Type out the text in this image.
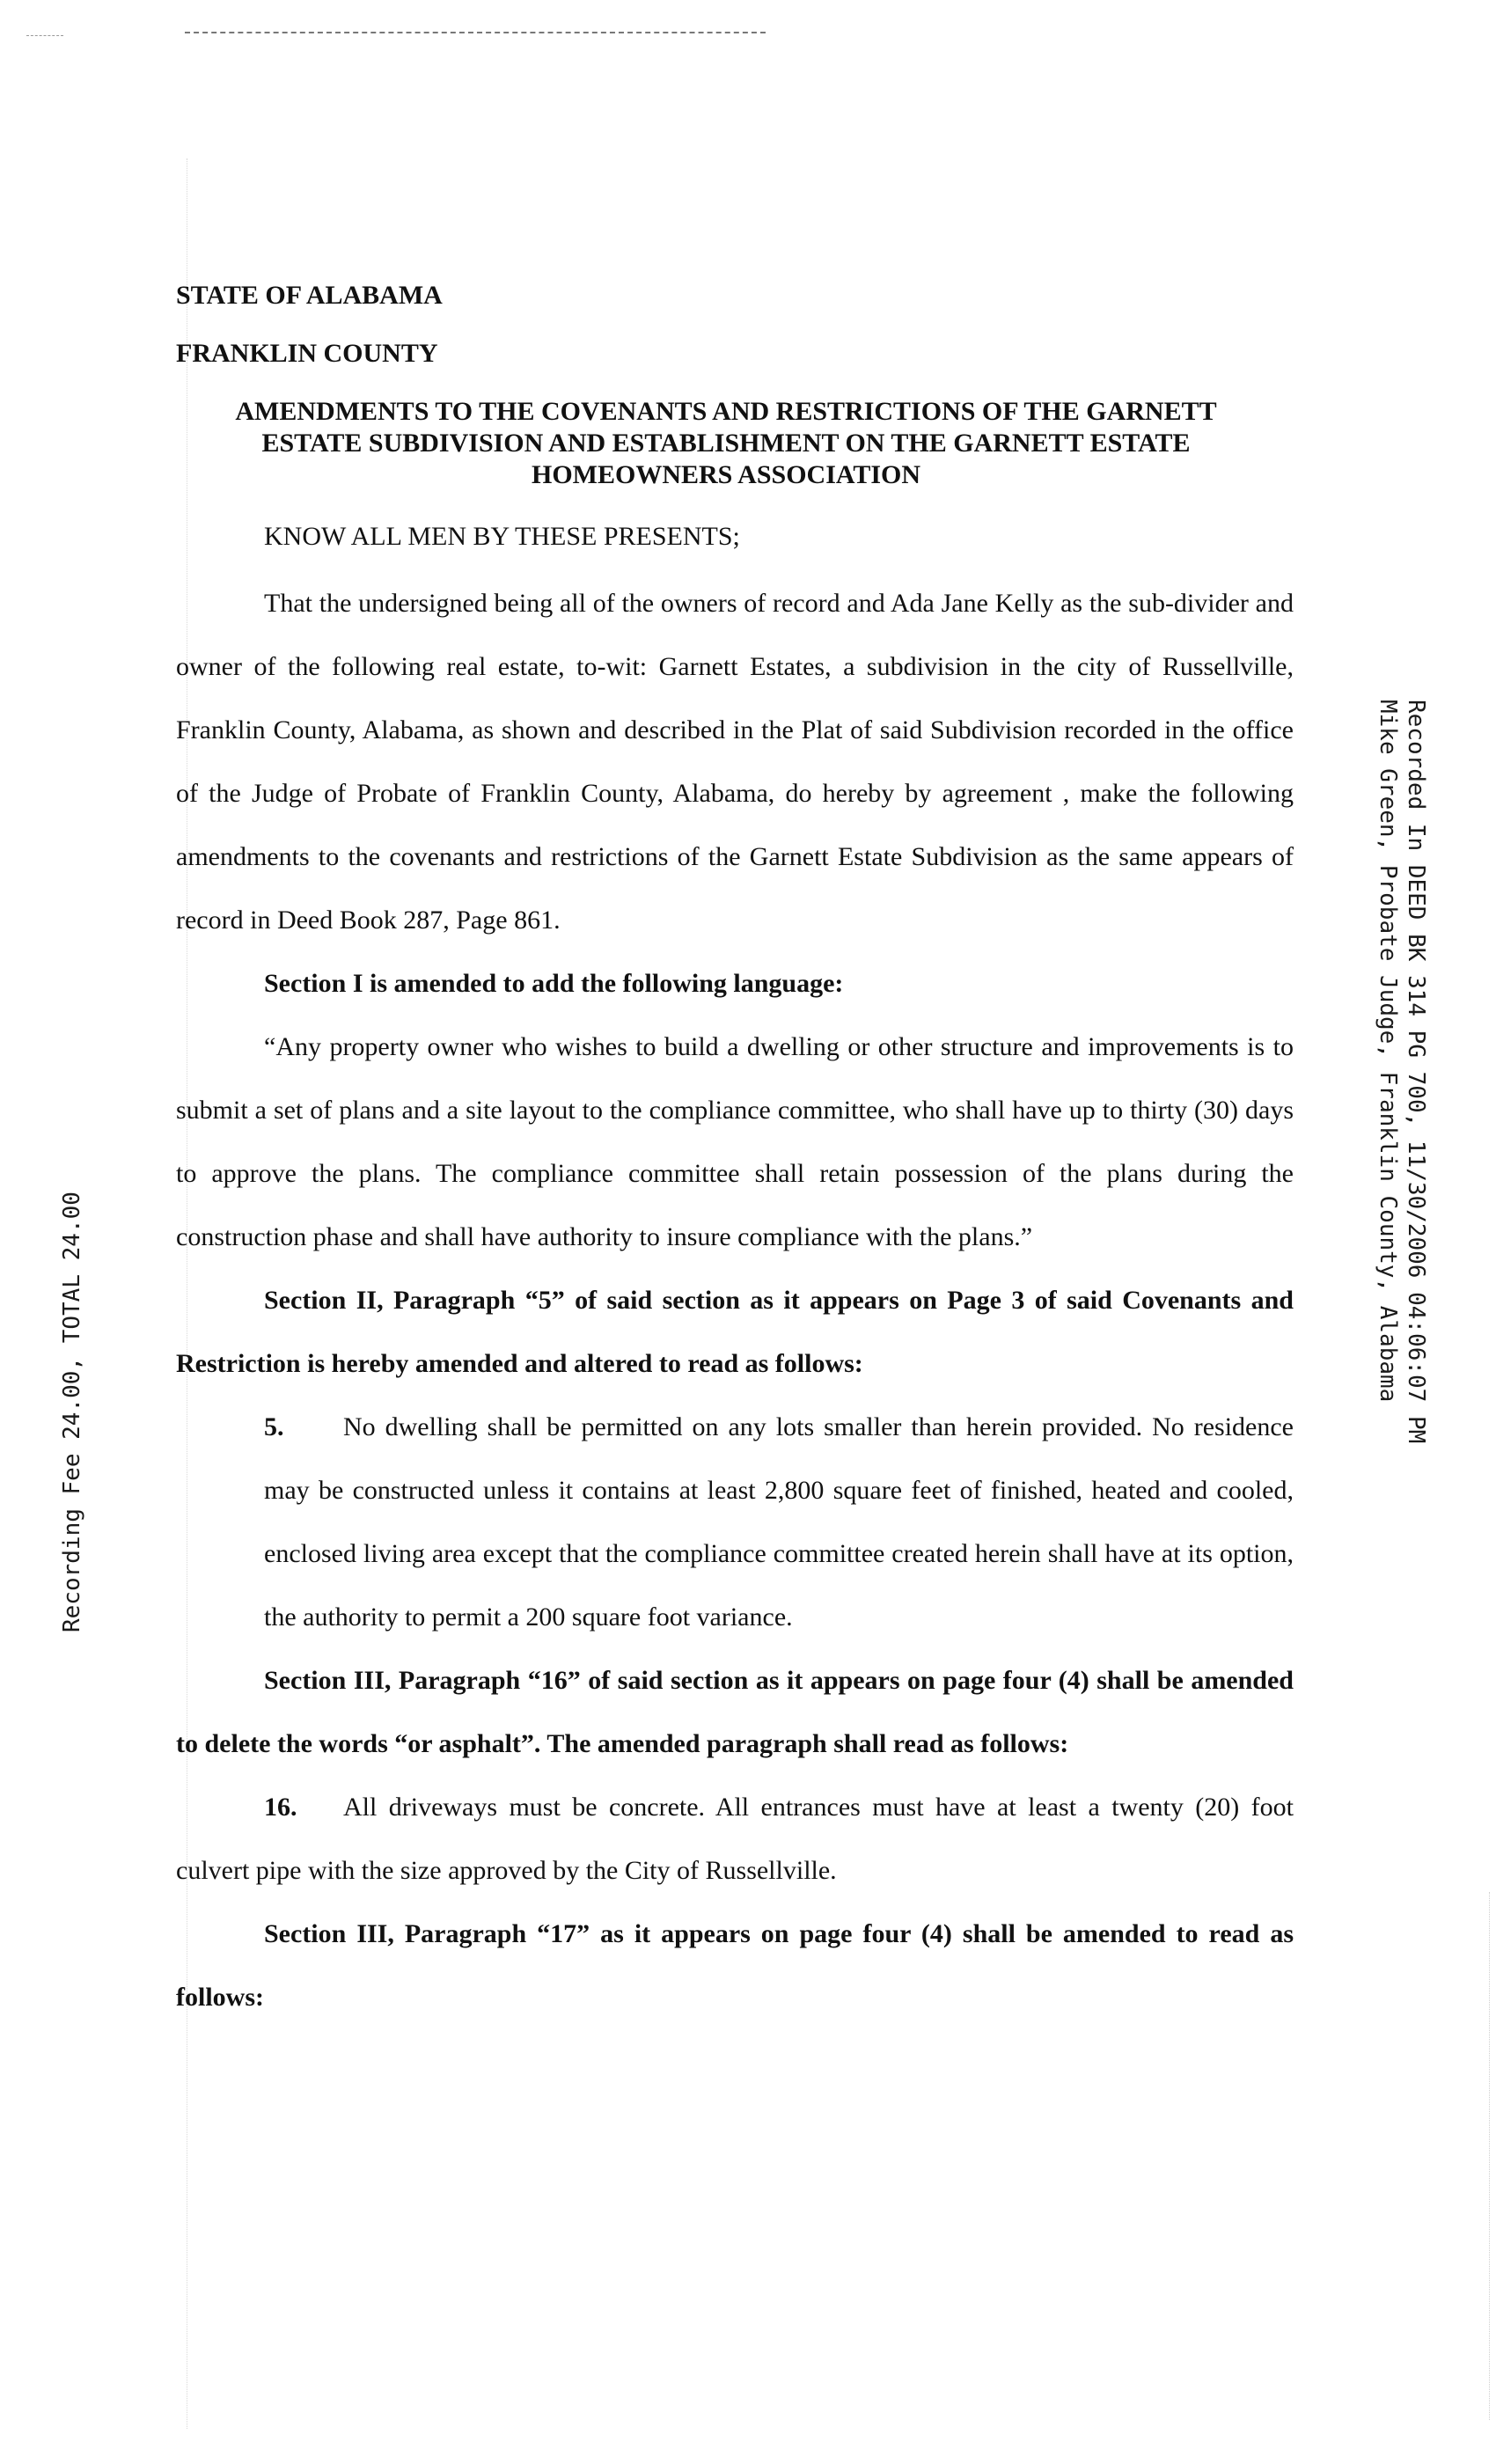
STATE OF ALABAMA

FRANKLIN COUNTY

AMENDMENTS TO THE COVENANTS AND RESTRICTIONS OF THE GARNETT
ESTATE SUBDIVISION AND ESTABLISHMENT ON THE GARNETT ESTATE
HOMEOWNERS ASSOCIATION

KNOW ALL MEN BY THESE PRESENTS;

That the undersigned being all of the owners of record and Ada Jane Kelly as the sub-divider and owner of the following real estate, to-wit: Garnett Estates, a subdivision in the city of Russellville, Franklin County, Alabama, as shown and described in the Plat of said Subdivision recorded in the office of the Judge of Probate of Franklin County, Alabama, do hereby by agreement , make the following amendments to the covenants and restrictions of the Garnett Estate Subdivision as the same appears of record in Deed Book 287, Page 861.

Section I is amended to add the following language:

“Any property owner who wishes to build a dwelling or other structure and improvements is to submit a set of plans and a site layout to the compliance committee, who shall have up to thirty (30) days to approve the plans. The compliance committee shall retain possession of the plans during the construction phase and shall have authority to insure compliance with the plans.”

Section II, Paragraph “5” of said section as it appears on Page 3 of said Covenants and Restriction is hereby amended and altered to read as follows:

5. No dwelling shall be permitted on any lots smaller than herein provided. No residence may be constructed unless it contains at least 2,800 square feet of finished, heated and cooled, enclosed living area except that the compliance committee created herein shall have at its option, the authority to permit a 200 square foot variance.

Section III, Paragraph “16” of said section as it appears on page four (4) shall be amended to delete the words “or asphalt”. The amended paragraph shall read as follows:

16. All driveways must be concrete. All entrances must have at least a twenty (20) foot culvert pipe with the size approved by the City of Russellville.

Section III, Paragraph “17” as it appears on page four (4) shall be amended to read as follows:

Recording Fee 24.00, TOTAL 24.00	Recorded In DEED BK 314 PG 700, 11/30/2006 04:06:07 PM
Mike Green, Probate Judge, Franklin County, Alabama
